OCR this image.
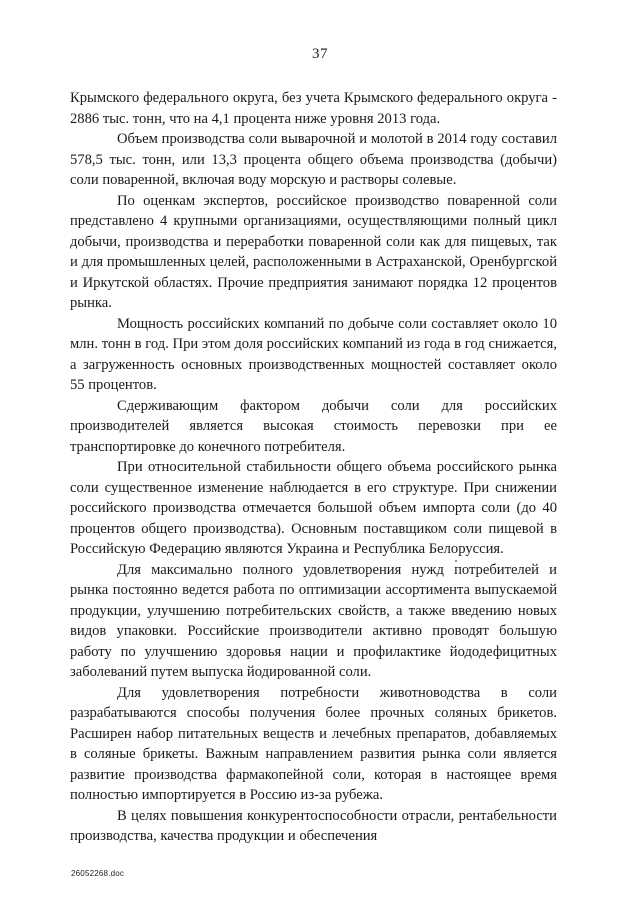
37

Крымского федерального округа, без учета Крымского федерального округа - 2886 тыс. тонн, что на 4,1 процента ниже уровня 2013 года.

Объем производства соли выварочной и молотой в 2014 году составил 578,5 тыс. тонн, или 13,3 процента общего объема производства (добычи) соли поваренной, включая воду морскую и растворы солевые.

По оценкам экспертов, российское производство поваренной соли представлено 4 крупными организациями, осуществляющими полный цикл добычи, производства и переработки поваренной соли как для пищевых, так и для промышленных целей, расположенными в Астраханской, Оренбургской и Иркутской областях. Прочие предприятия занимают порядка 12 процентов рынка.

Мощность российских компаний по добыче соли составляет около 10 млн. тонн в год. При этом доля российских компаний из года в год снижается, а загруженность основных производственных мощностей составляет около 55 процентов.

Сдерживающим фактором добычи соли для российских производителей является высокая стоимость перевозки при ее транспортировке до конечного потребителя.

При относительной стабильности общего объема российского рынка соли существенное изменение наблюдается в его структуре. При снижении российского производства отмечается большой объем импорта соли (до 40 процентов общего производства). Основным поставщиком соли пищевой в Российскую Федерацию являются Украина и Республика Белоруссия.

Для максимально полного удовлетворения нужд потребителей и рынка постоянно ведется работа по оптимизации ассортимента выпускаемой продукции, улучшению потребительских свойств, а также введению новых видов упаковки. Российские производители активно проводят большую работу по улучшению здоровья нации и профилактике йододефицитных заболеваний путем выпуска йодированной соли.

Для удовлетворения потребности животноводства в соли разрабатываются способы получения более прочных соляных брикетов. Расширен набор питательных веществ и лечебных препаратов, добавляемых в соляные брикеты. Важным направлением развития рынка соли является развитие производства фармакопейной соли, которая в настоящее время полностью импортируется в Россию из-за рубежа.

В целях повышения конкурентоспособности отрасли, рентабельности производства, качества продукции и обеспечения

26052268.doc
